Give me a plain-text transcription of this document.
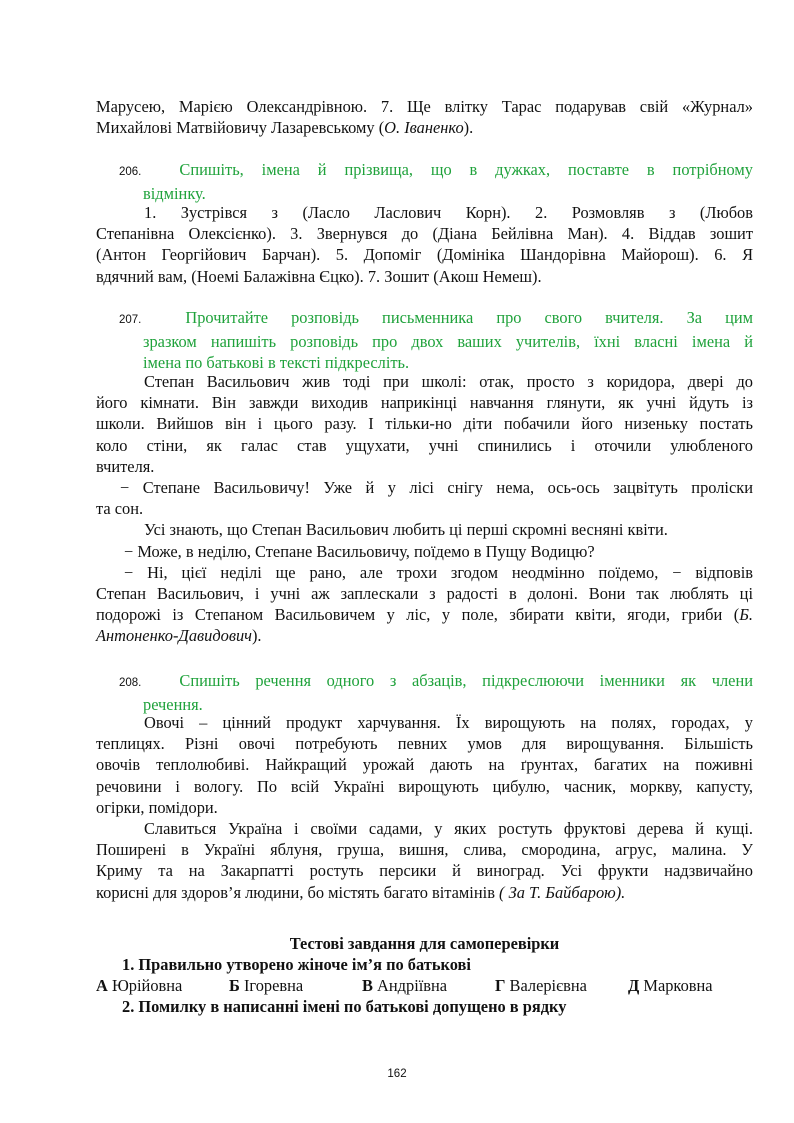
Марусею, Марією Олександрівною. 7. Ще влітку Тарас подарував свій «Журнал»
Михайлові Матвійовичу Лазаревському (О. Іваненко).
206. Спишіть, імена й прізвища, що в дужках, поставте в потрібному
відмінку.
1. Зустрівся з (Ласло Ласлович Корн). 2. Розмовляв з (Любов
Степанівна Олексієнко). 3. Звернувся до (Діана Бейлівна Ман). 4. Віддав зошит
(Антон Георгійович Барчан). 5. Допоміг (Домініка Шандорівна Майорош). 6. Я
вдячний вам, (Ноемі Балажівна Єцко). 7. Зошит (Акош Немеш).
207.	Прочитайте розповідь письменника про свого вчителя. За цим
зразком напишіть розповідь про двох ваших учителів, їхні власні імена й
імена по батькові в тексті підкресліть.
Степан Васильович жив тоді при школі: отак, просто з коридора, двері до
його кімнати. Він завжди виходив наприкінці навчання глянути, як учні йдуть із
школи. Вийшов він і цього разу. І тільки-но діти побачили його низеньку постать
коло стіни, як галас став ущухати, учні спинились і оточили улюбленого
вчителя.
− Степане Васильовичу! Уже й у лісі снігу нема, ось-ось зацвітуть проліски
та сон.
Усі знають, що Степан Васильович любить ці перші скромні весняні квіти.
− Може, в неділю, Степане Васильовичу, поїдемо в Пущу Водицю?
− Ні, цієї неділі ще рано, але трохи згодом неодмінно поїдемо, − відповів
Степан Васильович, і учні аж заплескали з радості в долоні. Вони так люблять ці
подорожі із Степаном Васильовичем у ліс, у поле, збирати квіти, ягоди, гриби (Б.
Антоненко-Давидович).
208. Спишіть речення одного з абзаців, підкреслюючи іменники як члени
речення.
Овочі – цінний продукт харчування. Їх вирощують на полях, городах, у
теплицях. Різні овочі потребують певних умов для вирощування. Більшість
овочів теплолюбиві. Найкращий урожай дають на ґрунтах, багатих на поживні
речовини і вологу. По всій Україні вирощують цибулю, часник, моркву, капусту,
огірки, помідори.
Славиться Україна і своїми садами, у яких ростуть фруктові дерева й кущі.
Поширені в Україні яблуня, груша, вишня, слива, смородина, агрус, малина. У
Криму та на Закарпатті ростуть персики й виноград. Усі фрукти надзвичайно
корисні для здоров’я людини, бо містять багато вітамінів ( За Т. Байбарою).
Тестові завдання для самоперевірки
1. Правильно утворено жіноче ім’я по батькові
А Юрійовна	Б Ігоревна	В Андріївна	Г Валерієвна	Д Марковна
2. Помилку в написанні імені по батькові допущено в рядку
162
